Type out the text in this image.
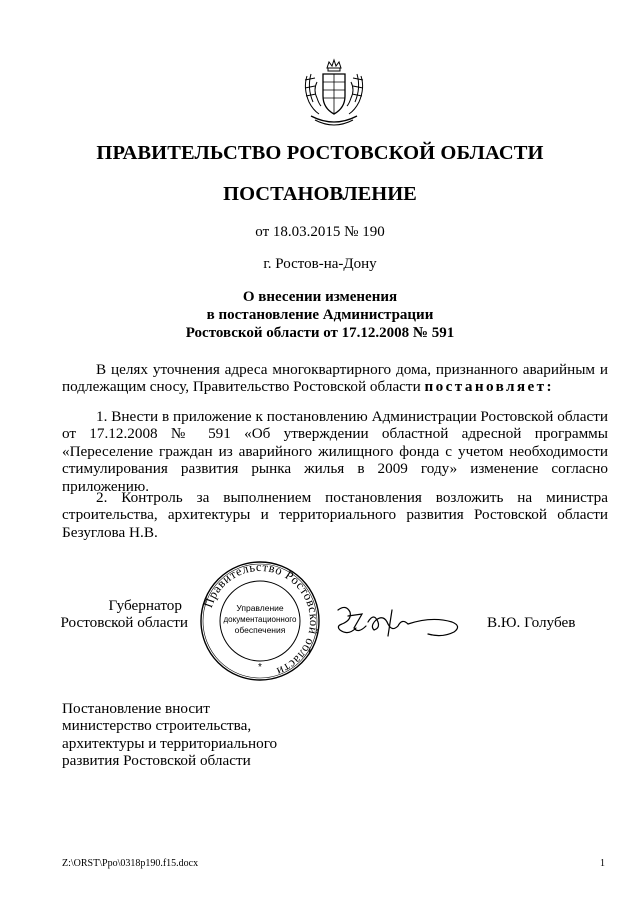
ПРАВИТЕЛЬСТВО РОСТОВСКОЙ ОБЛАСТИ
ПОСТАНОВЛЕНИЕ
от 18.03.2015 № 190
г. Ростов-на-Дону
О внесении изменения
в постановление Администрации
Ростовской области от 17.12.2008 № 591
В целях уточнения адреса многоквартирного дома, признанного аварийным и подлежащим сносу, Правительство Ростовской области постановляет:
1. Внести в приложение к постановлению Администрации Ростовской области от 17.12.2008 № 591 «Об утверждении областной адресной программы «Переселение граждан из аварийного жилищного фонда с учетом необходимости стимулирования развития рынка жилья в 2009 году» изменение согласно приложению.
2. Контроль за выполнением постановления возложить на министра строительства, архитектуры и территориального развития Ростовской области Безуглова Н.В.
Губернатор
Ростовской области
Правительство Ростовской области
Управление
документационного
обеспечения
*
В.Ю. Голубев
Постановление вносит
министерство строительства,
архитектуры и территориального
развития Ростовской области
Z:\ORST\Ppo\0318p190.f15.docx	1
